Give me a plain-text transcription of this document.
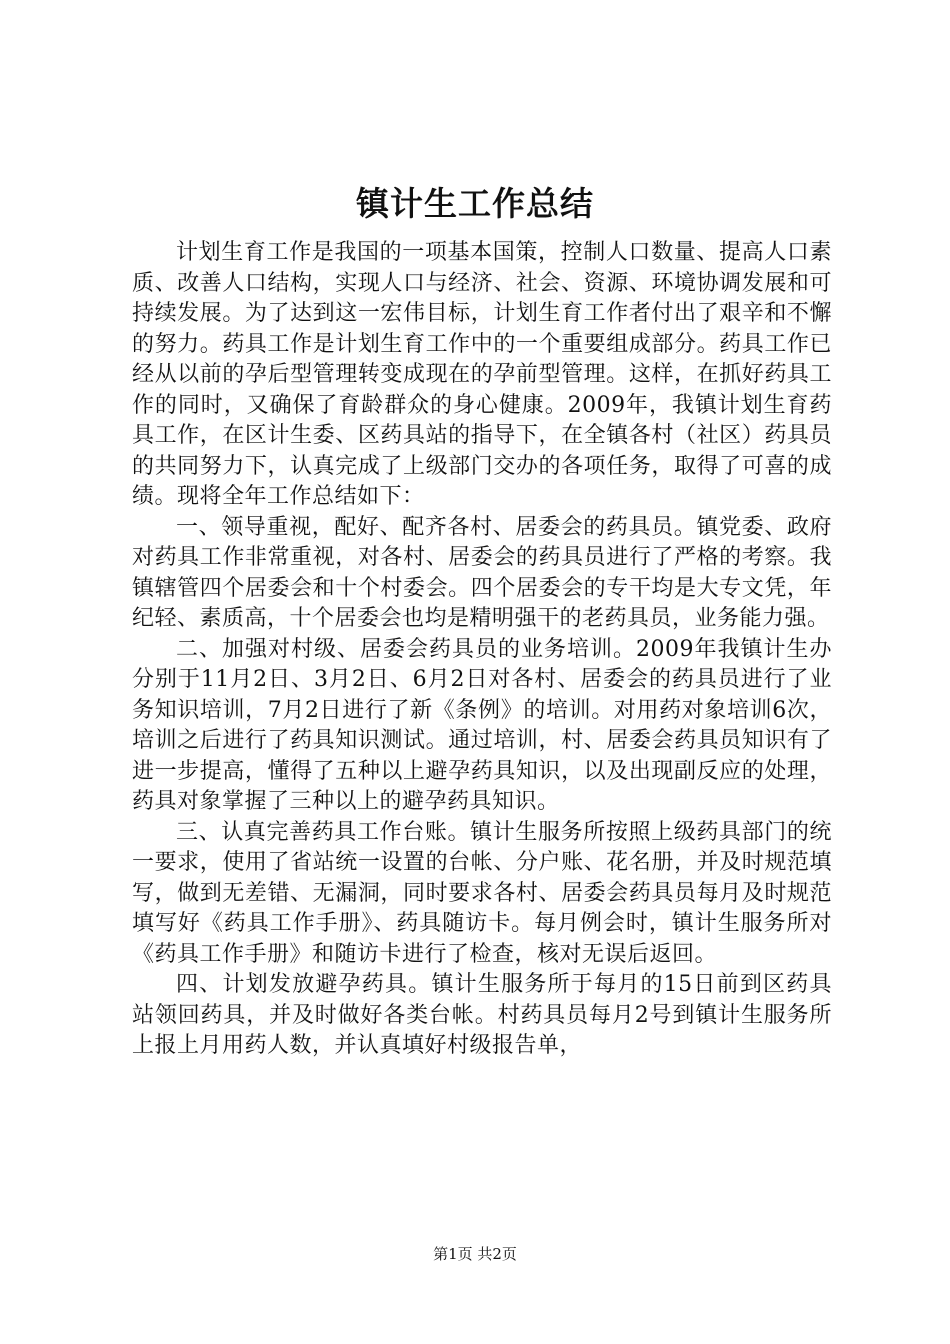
镇计生工作总结

计划生育工作是我国的一项基本国策，控制人口数量、提高人口素质、改善人口结构，实现人口与经济、社会、资源、环境协调发展和可持续发展。为了达到这一宏伟目标，计划生育工作者付出了艰辛和不懈的努力。药具工作是计划生育工作中的一个重要组成部分。药具工作已经从以前的孕后型管理转变成现在的孕前型管理。这样，在抓好药具工作的同时，又确保了育龄群众的身心健康。2009年，我镇计划生育药具工作，在区计生委、区药具站的指导下，在全镇各村（社区）药具员的共同努力下，认真完成了上级部门交办的各项任务，取得了可喜的成绩。现将全年工作总结如下：

一、领导重视，配好、配齐各村、居委会的药具员。镇党委、政府对药具工作非常重视，对各村、居委会的药具员进行了严格的考察。我镇辖管四个居委会和十个村委会。四个居委会的专干均是大专文凭，年纪轻、素质高，十个居委会也均是精明强干的老药具员，业务能力强。

二、加强对村级、居委会药具员的业务培训。2009年我镇计生办分别于11月2日、3月2日、6月2日对各村、居委会的药具员进行了业务知识培训，7月2日进行了新《条例》的培训。对用药对象培训6次，培训之后进行了药具知识测试。通过培训，村、居委会药具员知识有了进一步提高，懂得了五种以上避孕药具知识，以及出现副反应的处理，药具对象掌握了三种以上的避孕药具知识。

三、认真完善药具工作台账。镇计生服务所按照上级药具部门的统一要求，使用了省站统一设置的台帐、分户账、花名册，并及时规范填写，做到无差错、无漏洞，同时要求各村、居委会药具员每月及时规范填写好《药具工作手册》、药具随访卡。每月例会时，镇计生服务所对《药具工作手册》和随访卡进行了检查，核对无误后返回。

四、计划发放避孕药具。镇计生服务所于每月的15日前到区药具站领回药具，并及时做好各类台帐。村药具员每月2号到镇计生服务所上报上月用药人数，并认真填好村级报告单，

第1页 共2页
